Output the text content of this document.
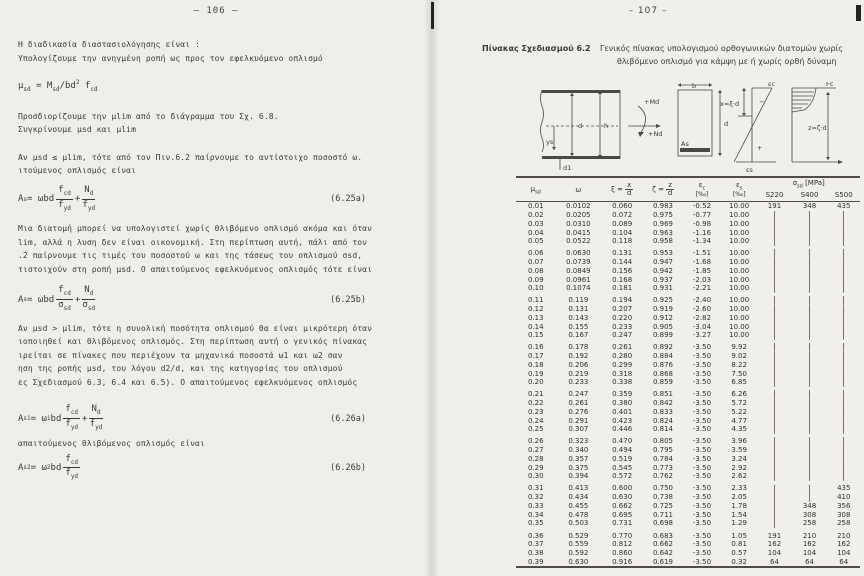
– 106 –
Η διαδικασία διαστασιολόγησης είναι :
Υπολογίζουμε την ανηγμένη ροπή ως προς τον εφελκυόμενο οπλισμό
$\mu_{sd} = M_{sd}/bd^2$ $f_{cd}$
Προσδιορίζουμε την μlim από το διάγραμμα του Σχ. 6.8.
Συγκρίνουμε μsd και μlim
Αν μsd ≤ μlim, τότε από τον Πιν.6.2 παίρνουμε το αντίστοιχο ποσοστό ω.
ιτούμενος οπλισμός είναι
A s = ω bd $\frac{f_{cd}}{f_{yd}} + \frac{N_d}{f_{yd}}$	(6.25a)
Μια διατομή μπορεί να υπολογιστεί χωρίς θλιβόμενο οπλισμό ακόμα και όταν
lim, αλλά η λυση δεν είναι οικονομική. Στη περίπτωση αυτή, πάλι από τον
.2 παίρνουμε τις τιμές του ποσοστού ω και της τάσεως του οπλισμού σsd,
τιστοιχούν στη ροπή μsd. Ο απαιτούμενος εφελκυόμενος οπλισμός τότε είναι
A s = ω bd $\frac{f_{cd}}{\sigma_{sd}} + \frac{N_d}{\sigma_{sd}}$	(6.25b)
Αν μsd > μlim, τότε η συνολική ποσότητα οπλισμού θα είναι μικρότερη όταν
ιοποιηθεί και θλιβόμενος οπλισμός. Στη περίπτωση αυτή ο γενικός πίνακας
ιρείται σε πίνακες που περιέχουν τα μηχανικά ποσοστά ω1 και ω2 σαν
ηση της ροπής μsd, του λόγου d2/d, και της κατηγορίας του οπλισμού
ες Σχεδιασμού 6.3, 6.4 και 6.5). Ο απαιτούμενος εφελκυόμενος οπλισμός
A s1 = ω 1 bd $\frac{f_{cd}}{f_{yd}} + \frac{N_d}{f_{yd}}$	(6.26a)
απαιτούμενος θλιβόμενος οπλισμός είναι
A s2 = ω 2 bd $\frac{f_{cd}}{f_{yd}}$	(6.26b)
– 107 –
Πίνακας Σχεδιασμού 6.2 Γενικός πίνακας υπολογισμού ορθογωνικών διατομών χωρίς
θλιβόμενο οπλισμό για κάμψη με ή χωρίς ορθή δύναμη
d	h
ys
d1
+Md
+Nd
b
d
As
εc
−
+
x=ξ·d
εs
Fc
z=ζ·d
$\mu_{sd}$	ω	$\xi = \frac{x}{d}$	$\zeta = \frac{z}{d}$	$\varepsilon_c$
[‰]	$\varepsilon_s$
[‰]	$\sigma_{sd}$ [MPa]		
						S220	S400	S500
0.01	0.0102	0.060	0.983	-0.52	10.00	191	348	435
0.02	0.0205	0.072	0.975	-0.77	10.00			
0.03	0.0310	0.089	0.969	-0.98	10.00			
0.04	0.0415	0.104	0.963	-1.16	10.00			
0.05	0.0522	0.118	0.958	-1.34	10.00			
0.06	0.0630	0.131	0.953	-1.51	10.00			
0.07	0.0739	0.144	0.947	-1.68	10.00			
0.08	0.0849	0.156	0.942	-1.85	10.00			
0.09	0.0961	0.168	0.937	-2.03	10.00			
0.10	0.1074	0.181	0.931	-2.21	10.00			
0.11	0.119	0.194	0.925	-2.40	10.00			
0.12	0.131	0.207	0.919	-2.60	10.00			
0.13	0.143	0.220	0.912	-2.82	10.00			
0.14	0.155	0.233	0.905	-3.04	10.00			
0.15	0.167	0.247	0.899	-3.27	10.00			
0.16	0.178	0.261	0.892	-3.50	9.92			
0.17	0.192	0.280	0.884	-3.50	9.02			
0.18	0.206	0.299	0.876	-3.50	8.22			
0.19	0.219	0.318	0.868	-3.50	7.50			
0.20	0.233	0.338	0.859	-3.50	6.85			
0.21	0.247	0.359	0.851	-3.50	6.26			
0.22	0.261	0.380	0.842	-3.50	5.72			
0.23	0.276	0.401	0.833	-3.50	5.22			
0.24	0.291	0.423	0.824	-3.50	4.77			
0.25	0.307	0.446	0.814	-3.50	4.35			
0.26	0.323	0.470	0.805	-3.50	3.96			
0.27	0.340	0.494	0.795	-3.50	3.59			
0.28	0.357	0.519	0.784	-3.50	3.24			
0.29	0.375	0.545	0.773	-3.50	2.92			
0.30	0.394	0.572	0.762	-3.50	2.62			
0.31	0.413	0.600	0.750	-3.50	2.33			435
0.32	0.434	0.630	0.738	-3.50	2.05			410
0.33	0.455	0.662	0.725	-3.50	1.78		348	356
0.34	0.478	0.695	0.711	-3.50	1.54		308	308
0.35	0.503	0.731	0.698	-3.50	1.29		258	258
0.36	0.529	0.770	0.683	-3.50	1.05	191	210	210
0.37	0.559	0.812	0.662	-3.50	0.81	162	162	162
0.38	0.592	0.860	0.642	-3.50	0.57	104	104	104
0.39	0.630	0.916	0.619	-3.50	0.32	64	64	64
